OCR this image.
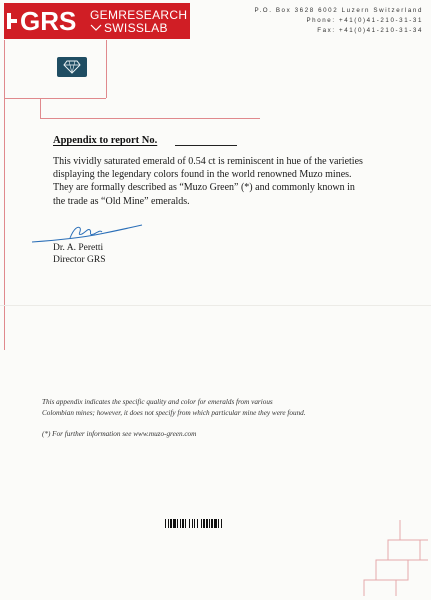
GRS GEMRESEARCH
SWISSLAB
P.O. Box 3628 6002 Luzern Switzerland
Phone: +41(0)41-210-31-31
Fax: +41(0)41-210-31-34
Appendix to report No.
This vividly saturated emerald of 0.54 ct is reminiscent in hue of the varieties
displaying the legendary colors found in the world renowned Muzo mines.
They are formally described as “Muzo Green” (*) and commonly known in
the trade as “Old Mine” emeralds.
Dr. A. Peretti
Director GRS
This appendix indicates the specific quality and color for emeralds from various
Colombian mines; however, it does not specify from which particular mine they were found.
(*) For further information see www.muzo-green.com
